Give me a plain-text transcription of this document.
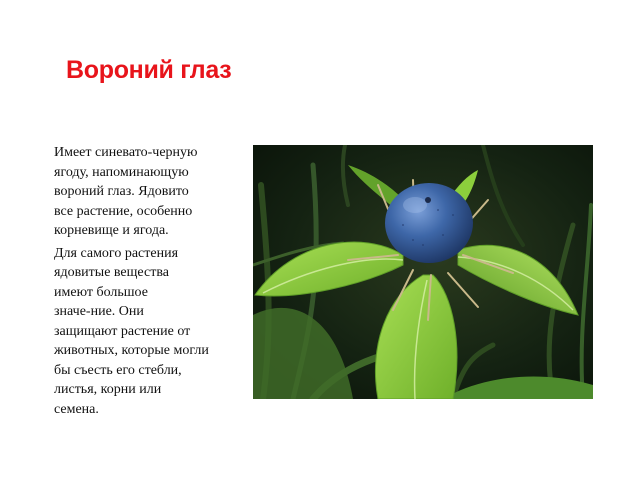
Вороний глаз

Имеет синевато-черную
ягоду, напоминающую
вороний глаз. Ядовито
все растение, особенно
корневище и ягода.

Для самого растения
ядовитые вещества
имеют большое
значе-ние. Они
защищают растение от
животных, которые могли
бы съесть его стебли,
листья, корни или
семена.
